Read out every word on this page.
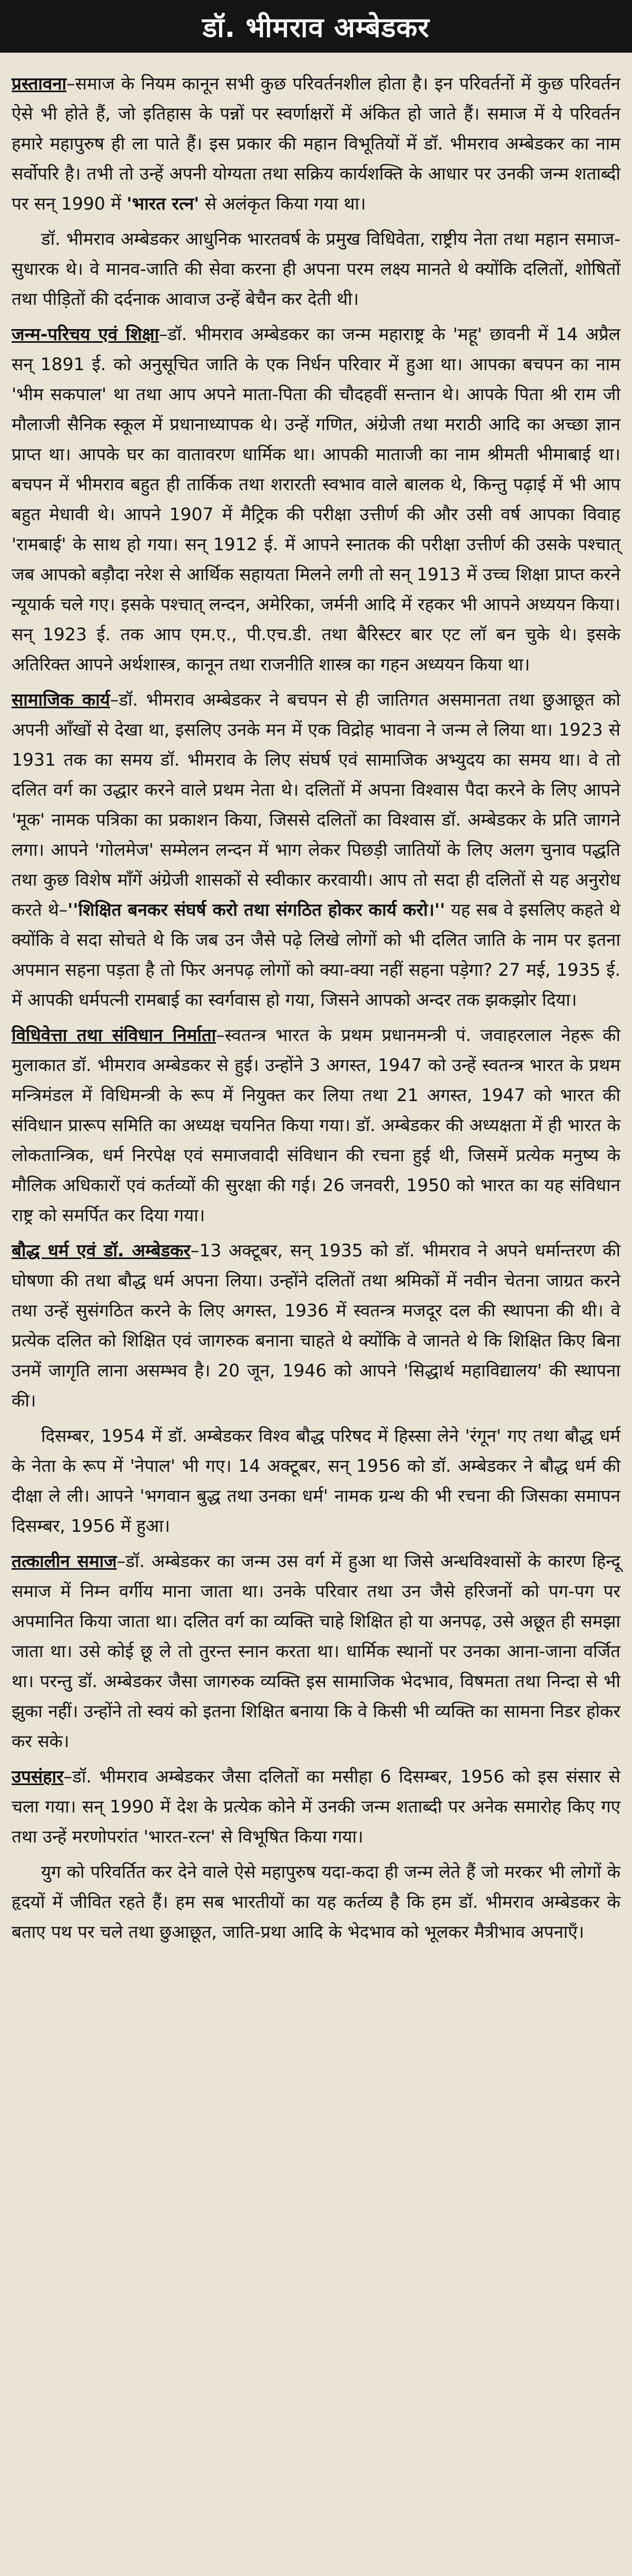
डॉ. भीमराव अम्बेडकर

प्रस्तावना–समाज के नियम कानून सभी कुछ परिवर्तनशील होता है। इन परिवर्तनों में कुछ परिवर्तन ऐसे भी होते हैं, जो इतिहास के पन्नों पर स्वर्णाक्षरों में अंकित हो जाते हैं। समाज में ये परिवर्तन हमारे महापुरुष ही ला पाते हैं। इस प्रकार की महान विभूतियों में डॉ. भीमराव अम्बेडकर का नाम सर्वोपरि है। तभी तो उन्हें अपनी योग्यता तथा सक्रिय कार्यशक्ति के आधार पर उनकी जन्म शताब्दी पर सन् 1990 में 'भारत रत्न' से अलंकृत किया गया था।

डॉ. भीमराव अम्बेडकर आधुनिक भारतवर्ष के प्रमुख विधिवेता, राष्ट्रीय नेता तथा महान समाज-सुधारक थे। वे मानव-जाति की सेवा करना ही अपना परम लक्ष्य मानते थे क्योंकि दलितों, शोषितों तथा पीड़ितों की दर्दनाक आवाज उन्हें बेचैन कर देती थी।

जन्म-परिचय एवं शिक्षा–डॉ. भीमराव अम्बेडकर का जन्म महाराष्ट्र के 'महू' छावनी में 14 अप्रैल सन् 1891 ई. को अनुसूचित जाति के एक निर्धन परिवार में हुआ था। आपका बचपन का नाम 'भीम सकपाल' था तथा आप अपने माता-पिता की चौदहवीं सन्तान थे। आपके पिता श्री राम जी मौलाजी सैनिक स्कूल में प्रधानाध्यापक थे। उन्हें गणित, अंग्रेजी तथा मराठी आदि का अच्छा ज्ञान प्राप्त था। आपके घर का वातावरण धार्मिक था। आपकी माताजी का नाम श्रीमती भीमाबाई था। बचपन में भीमराव बहुत ही तार्किक तथा शरारती स्वभाव वाले बालक थे, किन्तु पढ़ाई में भी आप बहुत मेधावी थे। आपने 1907 में मैट्रिक की परीक्षा उत्तीर्ण की और उसी वर्ष आपका विवाह 'रामबाई' के साथ हो गया। सन् 1912 ई. में आपने स्नातक की परीक्षा उत्तीर्ण की उसके पश्चात् जब आपको बड़ौदा नरेश से आर्थिक सहायता मिलने लगी तो सन् 1913 में उच्च शिक्षा प्राप्त करने न्यूयार्क चले गए। इसके पश्चात् लन्दन, अमेरिका, जर्मनी आदि में रहकर भी आपने अध्ययन किया। सन् 1923 ई. तक आप एम.ए., पी.एच.डी. तथा बैरिस्टर बार एट लॉ बन चुके थे। इसके अतिरिक्त आपने अर्थशास्त्र, कानून तथा राजनीति शास्त्र का गहन अध्ययन किया था।

सामाजिक कार्य–डॉ. भीमराव अम्बेडकर ने बचपन से ही जातिगत असमानता तथा छुआछूत को अपनी आँखों से देखा था, इसलिए उनके मन में एक विद्रोह भावना ने जन्म ले लिया था। 1923 से 1931 तक का समय डॉ. भीमराव के लिए संघर्ष एवं सामाजिक अभ्युदय का समय था। वे तो दलित वर्ग का उद्धार करने वाले प्रथम नेता थे। दलितों में अपना विश्वास पैदा करने के लिए आपने 'मूक' नामक पत्रिका का प्रकाशन किया, जिससे दलितों का विश्वास डॉ. अम्बेडकर के प्रति जागने लगा। आपने 'गोलमेज' सम्मेलन लन्दन में भाग लेकर पिछड़ी जातियों के लिए अलग चुनाव पद्धति तथा कुछ विशेष माँगें अंग्रेजी शासकों से स्वीकार करवायी। आप तो सदा ही दलितों से यह अनुरोध करते थे–''शिक्षित बनकर संघर्ष करो तथा संगठित होकर कार्य करो।'' यह सब वे इसलिए कहते थे क्योंकि वे सदा सोचते थे कि जब उन जैसे पढ़े लिखे लोगों को भी दलित जाति के नाम पर इतना अपमान सहना पड़ता है तो फिर अनपढ़ लोगों को क्या-क्या नहीं सहना पड़ेगा? 27 मई, 1935 ई. में आपकी धर्मपत्नी रामबाई का स्वर्गवास हो गया, जिसने आपको अन्दर तक झकझोर दिया।

विधिवेत्ता तथा संविधान निर्माता–स्वतन्त्र भारत के प्रथम प्रधानमन्त्री पं. जवाहरलाल नेहरू की मुलाकात डॉ. भीमराव अम्बेडकर से हुई। उन्होंने 3 अगस्त, 1947 को उन्हें स्वतन्त्र भारत के प्रथम मन्त्रिमंडल में विधिमन्त्री के रूप में नियुक्त कर लिया तथा 21 अगस्त, 1947 को भारत की संविधान प्रारूप समिति का अध्यक्ष चयनित किया गया। डॉ. अम्बेडकर की अध्यक्षता में ही भारत के लोकतान्त्रिक, धर्म निरपेक्ष एवं समाजवादी संविधान की रचना हुई थी, जिसमें प्रत्येक मनुष्य के मौलिक अधिकारों एवं कर्तव्यों की सुरक्षा की गई। 26 जनवरी, 1950 को भारत का यह संविधान राष्ट्र को समर्पित कर दिया गया।

बौद्ध धर्म एवं डॉ. अम्बेडकर–13 अक्टूबर, सन् 1935 को डॉ. भीमराव ने अपने धर्मान्तरण की घोषणा की तथा बौद्ध धर्म अपना लिया। उन्होंने दलितों तथा श्रमिकों में नवीन चेतना जाग्रत करने तथा उन्हें सुसंगठित करने के लिए अगस्त, 1936 में स्वतन्त्र मजदूर दल की स्थापना की थी। वे प्रत्येक दलित को शिक्षित एवं जागरुक बनाना चाहते थे क्योंकि वे जानते थे कि शिक्षित किए बिना उनमें जागृति लाना असम्भव है। 20 जून, 1946 को आपने 'सिद्धार्थ महाविद्यालय' की स्थापना की।

दिसम्बर, 1954 में डॉ. अम्बेडकर विश्व बौद्ध परिषद में हिस्सा लेने 'रंगून' गए तथा बौद्ध धर्म के नेता के रूप में 'नेपाल' भी गए। 14 अक्टूबर, सन् 1956 को डॉ. अम्बेडकर ने बौद्ध धर्म की दीक्षा ले ली। आपने 'भगवान बुद्ध तथा उनका धर्म' नामक ग्रन्थ की भी रचना की जिसका समापन दिसम्बर, 1956 में हुआ।

तत्कालीन समाज–डॉ. अम्बेडकर का जन्म उस वर्ग में हुआ था जिसे अन्धविश्वासों के कारण हिन्दू समाज में निम्न वर्गीय माना जाता था। उनके परिवार तथा उन जैसे हरिजनों को पग-पग पर अपमानित किया जाता था। दलित वर्ग का व्यक्ति चाहे शिक्षित हो या अनपढ़, उसे अछूत ही समझा जाता था। उसे कोई छू ले तो तुरन्त स्नान करता था। धार्मिक स्थानों पर उनका आना-जाना वर्जित था। परन्तु डॉ. अम्बेडकर जैसा जागरुक व्यक्ति इस सामाजिक भेदभाव, विषमता तथा निन्दा से भी झुका नहीं। उन्होंने तो स्वयं को इतना शिक्षित बनाया कि वे किसी भी व्यक्ति का सामना निडर होकर कर सके।

उपसंहार–डॉ. भीमराव अम्बेडकर जैसा दलितों का मसीहा 6 दिसम्बर, 1956 को इस संसार से चला गया। सन् 1990 में देश के प्रत्येक कोने में उनकी जन्म शताब्दी पर अनेक समारोह किए गए तथा उन्हें मरणोपरांत 'भारत-रत्न' से विभूषित किया गया।

युग को परिवर्तित कर देने वाले ऐसे महापुरुष यदा-कदा ही जन्म लेते हैं जो मरकर भी लोगों के हृदयों में जीवित रहते हैं। हम सब भारतीयों का यह कर्तव्य है कि हम डॉ. भीमराव अम्बेडकर के बताए पथ पर चले तथा छुआछूत, जाति-प्रथा आदि के भेदभाव को भूलकर मैत्रीभाव अपनाएँ।
